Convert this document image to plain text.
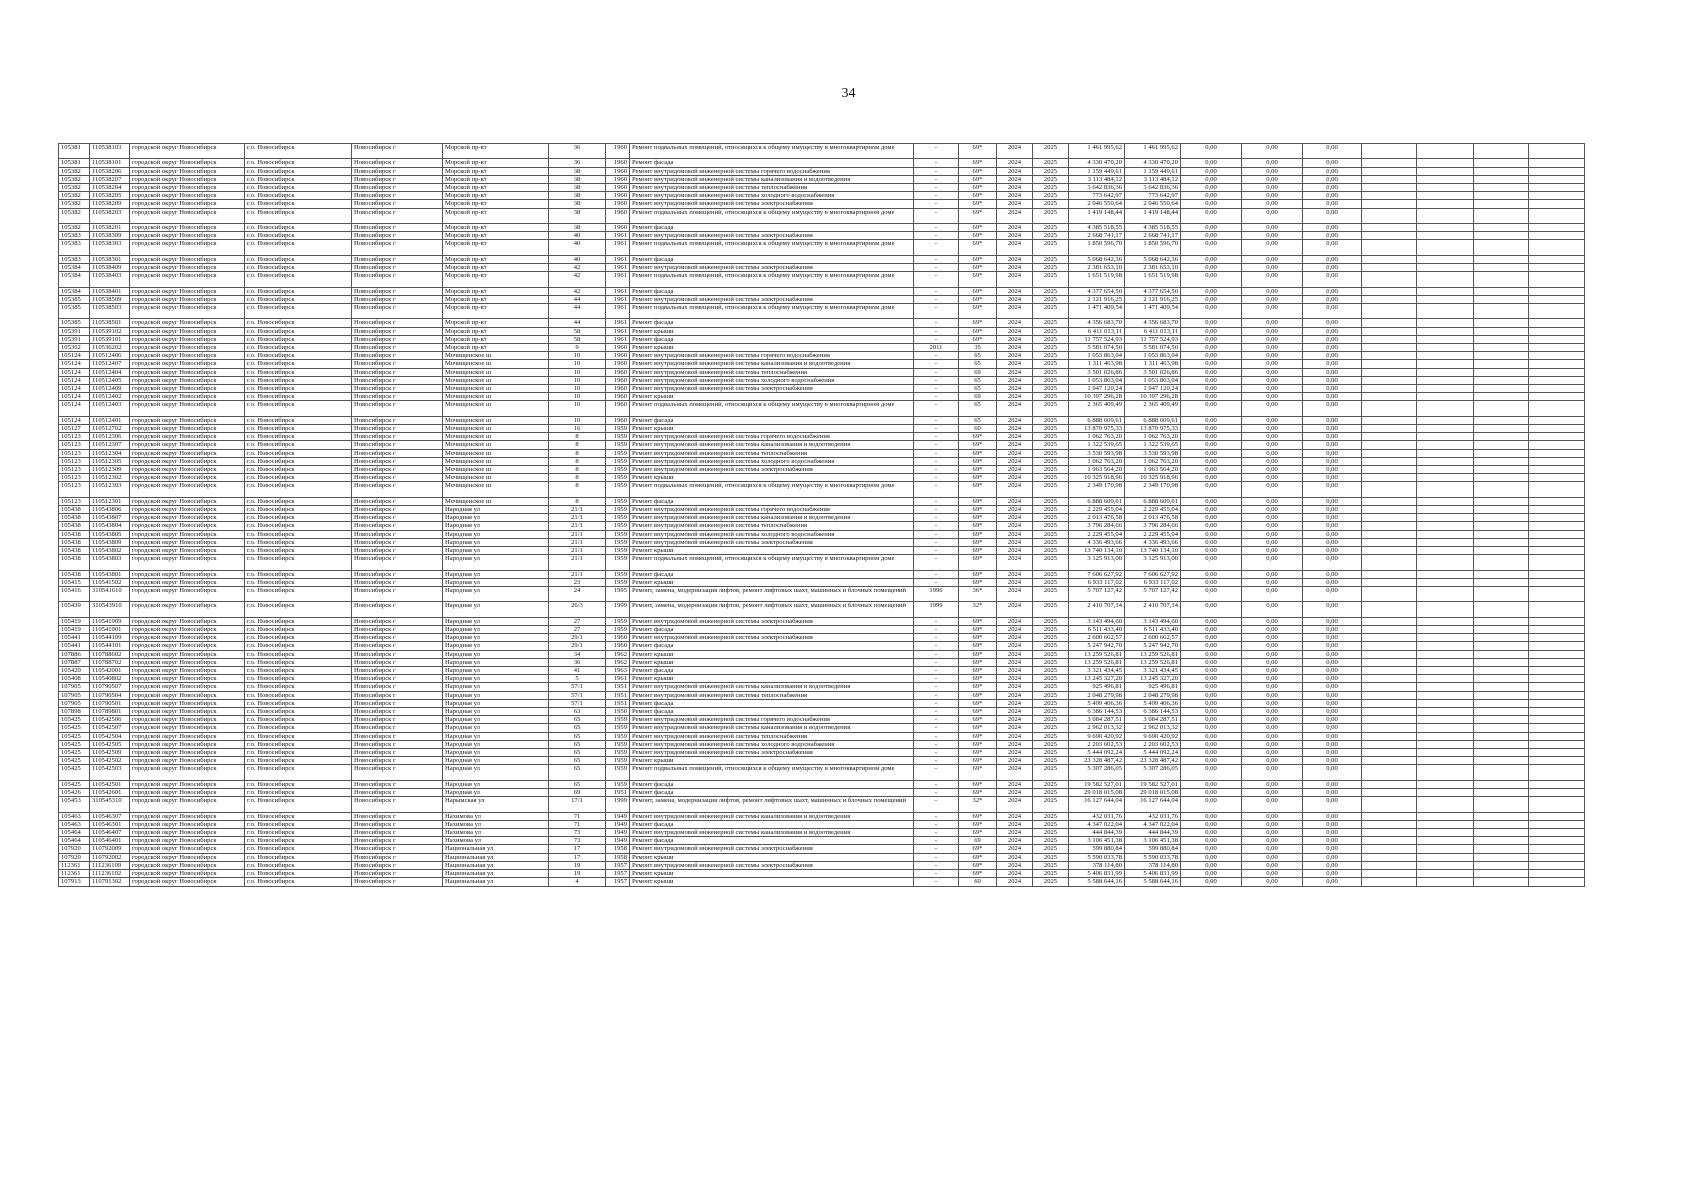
34
105381	110538103	городской округ Новосибирск	г.о. Новосибирск	Новосибирск г	Морской пр-кт	36	1960	Ремонт подвальных помещений, относящихся к общему имуществу в многоквартирном доме	-	69*	2024	2025	1 461 995,62	1 461 995,62	0,00	0,00	0,00				
105381	110538101	городской округ Новосибирск	г.о. Новосибирск	Новосибирск г	Морской пр-кт	36	1960	Ремонт фасада	-	69*	2024	2025	4 330 470,20	4 330 470,20	0,00	0,00	0,00				
105382	110538206	городской округ Новосибирск	г.о. Новосибирск	Новосибирск г	Морской пр-кт	38	1960	Ремонт внутридомовой инженерной системы горячего водоснабжения	-	69*	2024	2025	1 159 449,61	1 159 449,61	0,00	0,00	0,00				
105382	110538207	городской округ Новосибирск	г.о. Новосибирск	Новосибирск г	Морской пр-кт	38	1960	Ремонт внутридомовой инженерной системы канализования и водоотведения	-	69*	2024	2025	3 113 484,12	3 113 484,12	0,00	0,00	0,00				
105382	110538204	городской округ Новосибирск	г.о. Новосибирск	Новосибирск г	Морской пр-кт	38	1960	Ремонт внутридомовой инженерной системы теплоснабжения	-	69*	2024	2025	3 642 836,36	3 642 836,36	0,00	0,00	0,00				
105382	110538205	городской округ Новосибирск	г.о. Новосибирск	Новосибирск г	Морской пр-кт	38	1960	Ремонт внутридомовой инженерной системы холодного водоснабжения	-	69*	2024	2025	773 642,97	773 642,97	0,00	0,00	0,00				
105382	110538209	городской округ Новосибирск	г.о. Новосибирск	Новосибирск г	Морской пр-кт	38	1960	Ремонт внутридомовой инженерной системы электроснабжения	-	69*	2024	2025	2 046 550,64	2 046 550,64	0,00	0,00	0,00				
105382	110538203	городской округ Новосибирск	г.о. Новосибирск	Новосибирск г	Морской пр-кт	38	1960	Ремонт подвальных помещений, относящихся к общему имуществу в многоквартирном доме	-	69*	2024	2025	1 419 148,44	1 419 148,44	0,00	0,00	0,00				
105382	110538201	городской округ Новосибирск	г.о. Новосибирск	Новосибирск г	Морской пр-кт	38	1960	Ремонт фасада	-	69*	2024	2025	4 385 518,55	4 385 518,55	0,00	0,00	0,00				
105383	110538309	городской округ Новосибирск	г.о. Новосибирск	Новосибирск г	Морской пр-кт	40	1961	Ремонт внутридомовой инженерной системы электроснабжения	-	69*	2024	2025	2 668 741,17	2 668 741,17	0,00	0,00	0,00				
105383	110538303	городской округ Новосибирск	г.о. Новосибирск	Новосибирск г	Морской пр-кт	40	1961	Ремонт подвальных помещений, относящихся к общему имуществу в многоквартирном доме	-	69*	2024	2025	1 850 596,70	1 850 596,70	0,00	0,00	0,00				
105383	110538301	городской округ Новосибирск	г.о. Новосибирск	Новосибирск г	Морской пр-кт	40	1961	Ремонт фасада	-	69*	2024	2025	5 068 642,36	5 068 642,36	0,00	0,00	0,00				
105384	110538409	городской округ Новосибирск	г.о. Новосибирск	Новосибирск г	Морской пр-кт	42	1961	Ремонт внутридомовой инженерной системы электроснабжения	-	69*	2024	2025	2 381 653,10	2 381 653,10	0,00	0,00	0,00				
105384	110538403	городской округ Новосибирск	г.о. Новосибирск	Новосибирск г	Морской пр-кт	42	1961	Ремонт подвальных помещений, относящихся к общему имуществу в многоквартирном доме	-	69*	2024	2025	1 651 519,98	1 651 519,98	0,00	0,00	0,00				
105384	110538401	городской округ Новосибирск	г.о. Новосибирск	Новосибирск г	Морской пр-кт	42	1961	Ремонт фасада	-	69*	2024	2025	4 377 654,50	4 377 654,50	0,00	0,00	0,00				
105385	110538509	городской округ Новосибирск	г.о. Новосибирск	Новосибирск г	Морской пр-кт	44	1961	Ремонт внутридомовой инженерной системы электроснабжения	-	69*	2024	2025	2 121 916,25	2 121 916,25	0,00	0,00	0,00				
105385	110538503	городской округ Новосибирск	г.о. Новосибирск	Новосибирск г	Морской пр-кт	44	1961	Ремонт подвальных помещений, относящихся к общему имуществу в многоквартирном доме	-	69*	2024	2025	1 471 409,54	1 471 409,54	0,00	0,00	0,00				
105385	110538501	городской округ Новосибирск	г.о. Новосибирск	Новосибирск г	Морской пр-кт	44	1961	Ремонт фасада	-	69*	2024	2025	4 356 683,70	4 356 683,70	0,00	0,00	0,00				
105391	110539102	городской округ Новосибирск	г.о. Новосибирск	Новосибирск г	Морской пр-кт	58	1961	Ремонт крыши	-	69*	2024	2025	6 411 013,11	6 411 013,11	0,00	0,00	0,00				
105391	110539101	городской округ Новосибирск	г.о. Новосибирск	Новосибирск г	Морской пр-кт	58	1961	Ремонт фасада	-	69*	2024	2025	11 757 524,93	11 757 524,93	0,00	0,00	0,00				
105362	110536202	городской округ Новосибирск	г.о. Новосибирск	Новосибирск г	Морской пр-кт	9	1960	Ремонт крыши	2011	35	2024	2025	5 581 074,50	5 581 074,50	0,00	0,00	0,00				
105124	110512406	городской округ Новосибирск	г.о. Новосибирск	Новосибирск г	Мочищенское ш	10	1960	Ремонт внутридомовой инженерной системы горячего водоснабжения	-	65	2024	2025	1 053 863,04	1 053 863,04	0,00	0,00	0,00				
105124	110512407	городской округ Новосибирск	г.о. Новосибирск	Новосибирск г	Мочищенское ш	10	1960	Ремонт внутридомовой инженерной системы канализования и водоотведения	-	65	2024	2025	1 311 463,98	1 311 463,98	0,00	0,00	0,00				
105124	110512404	городской округ Новосибирск	г.о. Новосибирск	Новосибирск г	Мочищенское ш	10	1960	Ремонт внутридомовой инженерной системы теплоснабжения	-	69	2024	2025	3 501 026,86	3 501 026,86	0,00	0,00	0,00				
105124	110512405	городской округ Новосибирск	г.о. Новосибирск	Новосибирск г	Мочищенское ш	10	1960	Ремонт внутридомовой инженерной системы холодного водоснабжения	-	65	2024	2025	1 053 863,04	1 053 863,04	0,00	0,00	0,00				
105124	110512409	городской округ Новосибирск	г.о. Новосибирск	Новосибирск г	Мочищенское ш	10	1960	Ремонт внутридомовой инженерной системы электроснабжения	-	65	2024	2025	1 947 120,24	1 947 120,24	0,00	0,00	0,00				
105124	110512402	городской округ Новосибирск	г.о. Новосибирск	Новосибирск г	Мочищенское ш	10	1960	Ремонт крыши	-	69	2024	2025	10 397 296,28	10 397 296,28	0,00	0,00	0,00				
105124	110512403	городской округ Новосибирск	г.о. Новосибирск	Новосибирск г	Мочищенское ш	10	1960	Ремонт подвальных помещений, относящихся к общему имуществу в многоквартирном доме	-	65	2024	2025	2 365 409,49	2 365 409,49	0,00	0,00	0,00				
105124	110512401	городской округ Новосибирск	г.о. Новосибирск	Новосибирск г	Мочищенское ш	10	1960	Ремонт фасада	-	65	2024	2025	6 888 609,61	6 888 609,61	0,00	0,00	0,00				
105127	110512702	городской округ Новосибирск	г.о. Новосибирск	Новосибирск г	Мочищенское ш	16	1959	Ремонт крыши	-	60	2024	2025	13 870 975,33	13 870 975,33	0,00	0,00	0,00				
105123	110512306	городской округ Новосибирск	г.о. Новосибирск	Новосибирск г	Мочищенское ш	8	1959	Ремонт внутридомовой инженерной системы горячего водоснабжения	-	69*	2024	2025	1 062 763,20	1 062 763,20	0,00	0,00	0,00				
105123	110512307	городской округ Новосибирск	г.о. Новосибирск	Новосибирск г	Мочищенское ш	8	1959	Ремонт внутридомовой инженерной системы канализования и водоотведения	-	69*	2024	2025	1 322 539,65	1 322 539,65	0,00	0,00	0,00				
105123	110512304	городской округ Новосибирск	г.о. Новосибирск	Новосибирск г	Мочищенское ш	8	1959	Ремонт внутридомовой инженерной системы теплоснабжения	-	69*	2024	2025	3 530 593,98	3 530 593,98	0,00	0,00	0,00				
105123	110512305	городской округ Новосибирск	г.о. Новосибирск	Новосибирск г	Мочищенское ш	8	1959	Ремонт внутридомовой инженерной системы холодного водоснабжения	-	69*	2024	2025	1 062 763,20	1 062 763,20	0,00	0,00	0,00				
105123	110512309	городской округ Новосибирск	г.о. Новосибирск	Новосибирск г	Мочищенское ш	8	1959	Ремонт внутридомовой инженерной системы электроснабжения	-	69*	2024	2025	1 963 564,20	1 963 564,20	0,00	0,00	0,00				
105123	110512302	городской округ Новосибирск	г.о. Новосибирск	Новосибирск г	Мочищенское ш	8	1959	Ремонт крыши	-	69*	2024	2025	10 325 918,96	10 325 918,96	0,00	0,00	0,00				
105123	110512303	городской округ Новосибирск	г.о. Новосибирск	Новосибирск г	Мочищенское ш	8	1959	Ремонт подвальных помещений, относящихся к общему имуществу в многоквартирном доме	-	69*	2024	2025	2 349 170,98	2 349 170,98	0,00	0,00	0,00				
105123	110512301	городской округ Новосибирск	г.о. Новосибирск	Новосибирск г	Мочищенское ш	8	1959	Ремонт фасада	-	69*	2024	2025	6 888 609,61	6 888 609,61	0,00	0,00	0,00				
105438	110543806	городской округ Новосибирск	г.о. Новосибирск	Новосибирск г	Народная ул	21/1	1959	Ремонт внутридомовой инженерной системы горячего водоснабжения	-	69*	2024	2025	2 229 455,04	2 229 455,04	0,00	0,00	0,00				
105438	110543807	городской округ Новосибирск	г.о. Новосибирск	Новосибирск г	Народная ул	21/1	1959	Ремонт внутридомовой инженерной системы канализования и водоотведения	-	69*	2024	2025	2 013 476,58	2 013 476,58	0,00	0,00	0,00				
105438	110543804	городской округ Новосибирск	г.о. Новосибирск	Новосибирск г	Народная ул	21/1	1959	Ремонт внутридомовой инженерной системы теплоснабжения	-	69*	2024	2025	3 796 284,66	3 796 284,66	0,00	0,00	0,00				
105438	110543805	городской округ Новосибирск	г.о. Новосибирск	Новосибирск г	Народная ул	21/1	1959	Ремонт внутридомовой инженерной системы холодного водоснабжения	-	69*	2024	2025	2 229 455,04	2 229 455,04	0,00	0,00	0,00				
105438	110543809	городской округ Новосибирск	г.о. Новосибирск	Новосибирск г	Народная ул	21/1	1959	Ремонт внутридомовой инженерной системы электроснабжения	-	69*	2024	2025	4 336 493,66	4 336 493,66	0,00	0,00	0,00				
105438	110543802	городской округ Новосибирск	г.о. Новосибирск	Новосибирск г	Народная ул	21/1	1959	Ремонт крыши	-	69*	2024	2025	13 740 134,10	13 740 134,10	0,00	0,00	0,00				
105438	110543803	городской округ Новосибирск	г.о. Новосибирск	Новосибирск г	Народная ул	21/1	1959	Ремонт подвальных помещений, относящихся к общему имуществу в многоквартирном доме	-	69*	2024	2025	3 125 913,00	3 125 913,00	0,00	0,00	0,00				
105438	110543801	городской округ Новосибирск	г.о. Новосибирск	Новосибирск г	Народная ул	21/1	1959	Ремонт фасада	-	69*	2024	2025	7 606 627,92	7 606 627,92	0,00	0,00	0,00				
105415	110541502	городской округ Новосибирск	г.о. Новосибирск	Новосибирск г	Народная ул	23	1959	Ремонт крыши	-	69*	2024	2025	6 933 117,02	6 933 117,02	0,00	0,00	0,00				
105416	310541610	городской округ Новосибирск	г.о. Новосибирск	Новосибирск г	Народная ул	24	1995	Ремонт, замена, модернизация лифтов, ремонт лифтовых шахт, машинных и блочных помещений	1996	36*	2024	2025	5 707 127,42	5 707 127,42	0,00	0,00	0,00				
105439	310543910	городской округ Новосибирск	г.о. Новосибирск	Новосибирск г	Народная ул	26/3	1999	Ремонт, замена, модернизация лифтов, ремонт лифтовых шахт, машинных и блочных помещений	1999	32*	2024	2025	2 410 707,14	2 410 707,14	0,00	0,00	0,00				
105419	110541909	городской округ Новосибирск	г.о. Новосибирск	Новосибирск г	Народная ул	27	1959	Ремонт внутридомовой инженерной системы электроснабжения	-	69*	2024	2025	3 143 494,60	3 143 494,60	0,00	0,00	0,00				
105419	110541901	городской округ Новосибирск	г.о. Новосибирск	Новосибирск г	Народная ул	27	1959	Ремонт фасада	-	69*	2024	2025	6 511 433,40	6 511 433,40	0,00	0,00	0,00				
105441	110544109	городской округ Новосибирск	г.о. Новосибирск	Новосибирск г	Народная ул	29/1	1960	Ремонт внутридомовой инженерной системы электроснабжения	-	69*	2024	2025	2 600 662,57	2 600 662,57	0,00	0,00	0,00				
105441	110544101	городской округ Новосибирск	г.о. Новосибирск	Новосибирск г	Народная ул	29/1	1960	Ремонт фасада	-	69*	2024	2025	5 247 942,70	5 247 942,70	0,00	0,00	0,00				
107886	110788602	городской округ Новосибирск	г.о. Новосибирск	Новосибирск г	Народная ул	34	1962	Ремонт крыши	-	69*	2024	2025	13 259 526,81	13 259 526,81	0,00	0,00	0,00				
107887	110788702	городской округ Новосибирск	г.о. Новосибирск	Новосибирск г	Народная ул	36	1962	Ремонт крыши	-	69*	2024	2025	13 259 526,81	13 259 526,81	0,00	0,00	0,00				
105420	110542001	городской округ Новосибирск	г.о. Новосибирск	Новосибирск г	Народная ул	41	1963	Ремонт фасада	-	69*	2024	2025	3 321 434,45	3 321 434,45	0,00	0,00	0,00				
105408	110540802	городской округ Новосибирск	г.о. Новосибирск	Новосибирск г	Народная ул	5	1961	Ремонт крыши	-	69*	2024	2025	13 245 327,20	13 245 327,20	0,00	0,00	0,00				
107905	110790507	городской округ Новосибирск	г.о. Новосибирск	Новосибирск г	Народная ул	57/1	1951	Ремонт внутридомовой инженерной системы канализования и водоотведения	-	69*	2024	2025	925 496,81	925 496,81	0,00	0,00	0,00				
107905	110790504	городской округ Новосибирск	г.о. Новосибирск	Новосибирск г	Народная ул	57/1	1951	Ремонт внутридомовой инженерной системы теплоснабжения	-	69*	2024	2025	2 048 279,98	2 048 279,98	0,00	0,00	0,00				
107905	110790501	городской округ Новосибирск	г.о. Новосибирск	Новосибирск г	Народная ул	57/1	1951	Ремонт фасада	-	69*	2024	2025	5 499 406,36	5 499 406,36	0,00	0,00	0,00				
107898	110789801	городской округ Новосибирск	г.о. Новосибирск	Новосибирск г	Народная ул	63	1950	Ремонт фасада	-	69*	2024	2025	6 386 144,53	6 386 144,53	0,00	0,00	0,00				
105425	110542506	городской округ Новосибирск	г.о. Новосибирск	Новосибирск г	Народная ул	65	1959	Ремонт внутридомовой инженерной системы горячего водоснабжения	-	69*	2024	2025	3 084 287,51	3 084 287,51	0,00	0,00	0,00				
105425	110542507	городской округ Новосибирск	г.о. Новосибирск	Новосибирск г	Народная ул	65	1959	Ремонт внутридомовой инженерной системы канализования и водоотведения	-	69*	2024	2025	2 962 013,32	2 962 013,32	0,00	0,00	0,00				
105425	110542504	городской округ Новосибирск	г.о. Новосибирск	Новосибирск г	Народная ул	65	1959	Ремонт внутридомовой инженерной системы теплоснабжения	-	69*	2024	2025	9 690 420,92	9 690 420,92	0,00	0,00	0,00				
105425	110542505	городской округ Новосибирск	г.о. Новосибирск	Новосибирск г	Народная ул	65	1959	Ремонт внутридомовой инженерной системы холодного водоснабжения	-	69*	2024	2025	2 203 602,53	2 203 602,53	0,00	0,00	0,00				
105425	110542509	городской округ Новосибирск	г.о. Новосибирск	Новосибирск г	Народная ул	65	1959	Ремонт внутридомовой инженерной системы электроснабжения	-	69*	2024	2025	5 444 092,24	5 444 092,24	0,00	0,00	0,00				
105425	110542502	городской округ Новосибирск	г.о. Новосибирск	Новосибирск г	Народная ул	65	1959	Ремонт крыши	-	69*	2024	2025	23 328 487,42	23 328 487,42	0,00	0,00	0,00				
105425	110542503	городской округ Новосибирск	г.о. Новосибирск	Новосибирск г	Народная ул	65	1959	Ремонт подвальных помещений, относящихся к общему имуществу в многоквартирном доме	-	69*	2024	2025	5 307 286,05	5 307 286,05	0,00	0,00	0,00				
105425	110542501	городской округ Новосибирск	г.о. Новосибирск	Новосибирск г	Народная ул	65	1959	Ремонт фасада	-	69*	2024	2025	19 582 527,01	19 582 527,01	0,00	0,00	0,00				
105426	110542601	городской округ Новосибирск	г.о. Новосибирск	Новосибирск г	Народная ул	69	1951	Ремонт фасада	-	69*	2024	2025	29 018 015,08	29 018 015,08	0,00	0,00	0,00				
105453	310545310	городской округ Новосибирск	г.о. Новосибирск	Новосибирск г	Нарымская ул	17/1	1999	Ремонт, замена, модернизация лифтов, ремонт лифтовых шахт, машинных и блочных помещений	-	32*	2024	2025	16 127 644,04	16 127 644,04	0,00	0,00	0,00				
105463	110546307	городской округ Новосибирск	г.о. Новосибирск	Новосибирск г	Нахимова ул	71	1949	Ремонт внутридомовой инженерной системы канализования и водоотведения	-	69*	2024	2025	432 031,76	432 031,76	0,00	0,00	0,00				
105463	110546301	городской округ Новосибирск	г.о. Новосибирск	Новосибирск г	Нахимова ул	71	1949	Ремонт фасада	-	69*	2024	2025	4 347 022,04	4 347 022,04	0,00	0,00	0,00				
105464	110546407	городской округ Новосибирск	г.о. Новосибирск	Новосибирск г	Нахимова ул	73	1949	Ремонт внутридомовой инженерной системы канализования и водоотведения	-	69*	2024	2025	444 844,39	444 844,39	0,00	0,00	0,00				
105464	110546401	городской округ Новосибирск	г.о. Новосибирск	Новосибирск г	Нахимова ул	73	1949	Ремонт фасада	-	69	2024	2025	3 106 451,38	3 106 451,38	0,00	0,00	0,00				
107920	110792009	городской округ Новосибирск	г.о. Новосибирск	Новосибирск г	Национальная ул	17	1958	Ремонт внутридомовой инженерной системы электроснабжения	-	69*	2024	2025	599 880,84	599 880,84	0,00	0,00	0,00				
107920	110792002	городской округ Новосибирск	г.о. Новосибирск	Новосибирск г	Национальная ул	17	1958	Ремонт крыши	-	69*	2024	2025	5 590 033,78	5 590 033,78	0,00	0,00	0,00				
112361	111236109	городской округ Новосибирск	г.о. Новосибирск	Новосибирск г	Национальная ул	19	1957	Ремонт внутридомовой инженерной системы электроснабжения	-	69*	2024	2025	378 114,80	378 114,80	0,00	0,00	0,00				
112361	111236102	городской округ Новосибирск	г.о. Новосибирск	Новосибирск г	Национальная ул	19	1957	Ремонт крыши	-	69*	2024	2025	5 406 831,99	5 406 831,99	0,00	0,00	0,00				
107913	110791302	городской округ Новосибирск	г.о. Новосибирск	Новосибирск г	Национальная ул	4	1957	Ремонт крыши	-	60	2024	2025	5 588 644,16	5 588 644,16	0,00	0,00	0,00				
